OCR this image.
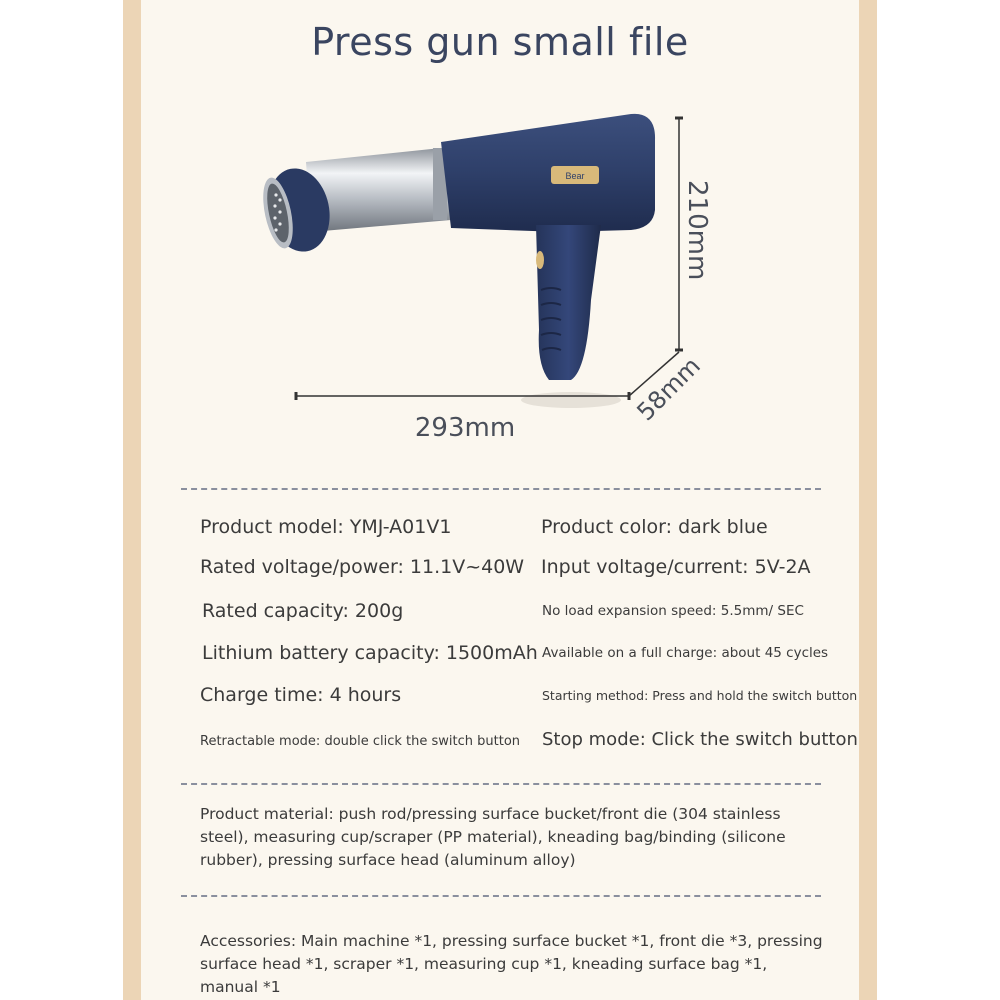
Press gun small file
Bear
210mm
293mm
58mm
Product model: YMJ-A01V1	Product color: dark blue
Rated voltage/power: 11.1V~40W Input voltage/current: 5V-2A
Rated capacity: 200g	No load expansion speed: 5.5mm/ SEC
Lithium battery capacity: 1500mAh Available on a full charge: about 45 cycles
Charge time: 4 hours	Starting method: Press and hold the switch button
Retractable mode: double click the switch button Stop mode: Click the switch button
Product material: push rod/pressing surface bucket/front die (304 stainless steel), measuring cup/scraper (PP material), kneading bag/binding (silicone rubber), pressing surface head (aluminum alloy)
Accessories: Main machine *1, pressing surface bucket *1, front die *3, pressing surface head *1, scraper *1, measuring cup *1, kneading surface bag *1, manual *1
